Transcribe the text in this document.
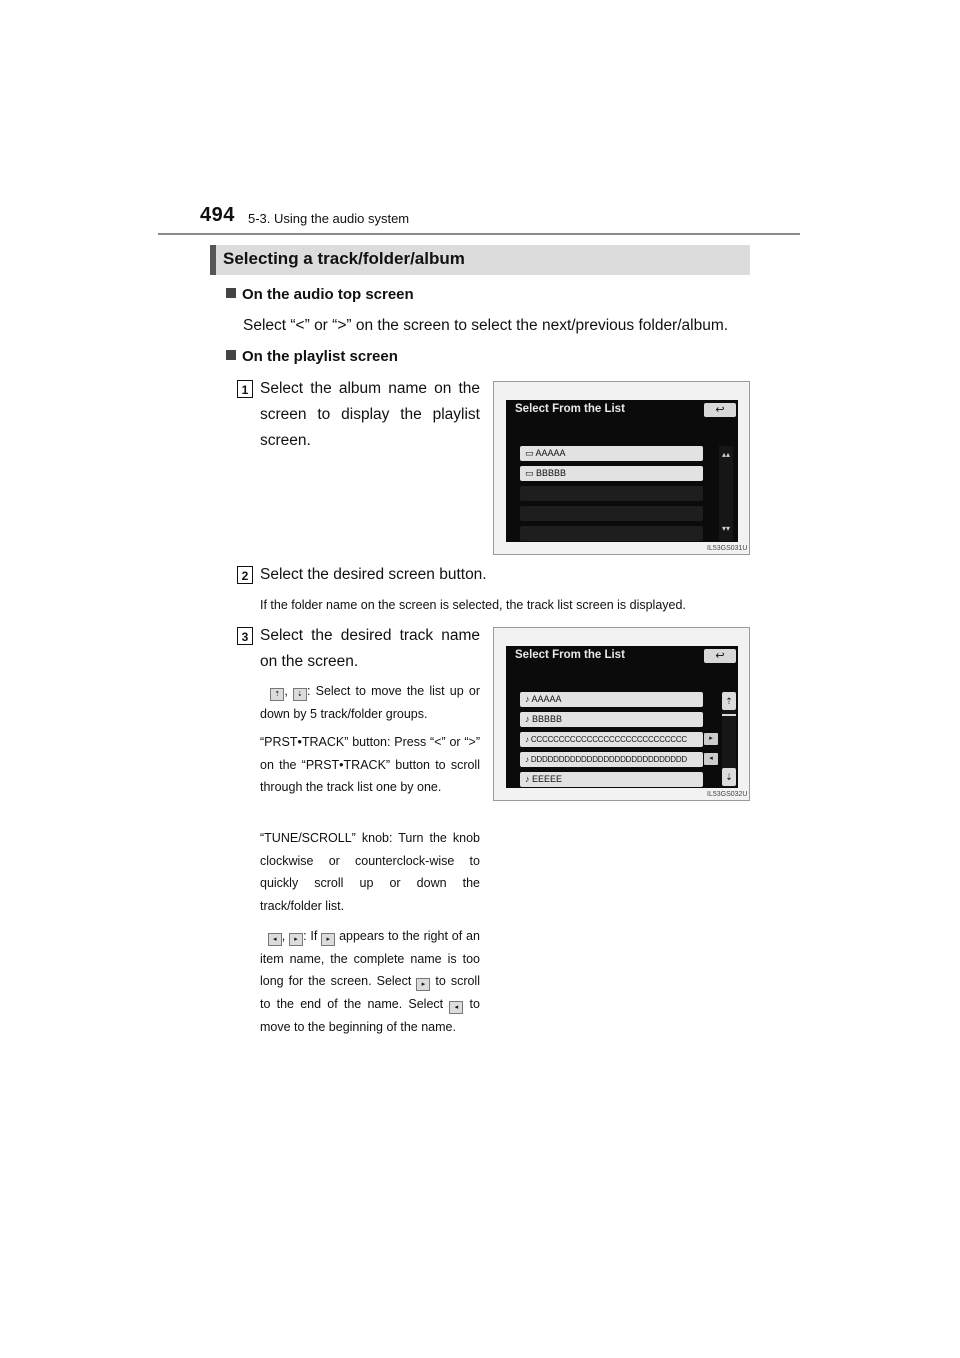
494 5-3. Using the audio system
Selecting a track/folder/album
On the audio top screen
Select “<” or “>” on the screen to select the next/previous folder/album.
On the playlist screen
1 Select the album name on the screen to display the playlist screen.
Select From the List	↩
▭ AAAAA
▭ BBBBB
▴▴
▾▾
IL53GS031U
2 Select the desired screen button.
If the folder name on the screen is selected, the track list screen is displayed.
3 Select the desired track name on the screen.
⇡ , ⇣ : Select to move the list up or down by 5 track/folder groups.
“PRST•TRACK” button: Press “<” or “>” on the “PRST•TRACK” button to scroll through the track list one by one.
“TUNE/SCROLL” knob: Turn the knob clockwise or counterclock-wise to quickly scroll up or down the track/folder list.
◂ , ▸ : If ▸ appears to the right of an item name, the complete name is too long for the screen. Select ▸ to scroll to the end of the name. Select ◂ to move to the beginning of the name.
Select From the List	↩
♪ AAAAA
♪ BBBBB
♪ CCCCCCCCCCCCCCCCCCCCCCCCCCCC	▸
♪ DDDDDDDDDDDDDDDDDDDDDDDDDDDD	◂
♪ EEEEE
⇡
⇣
IL53GS032U
